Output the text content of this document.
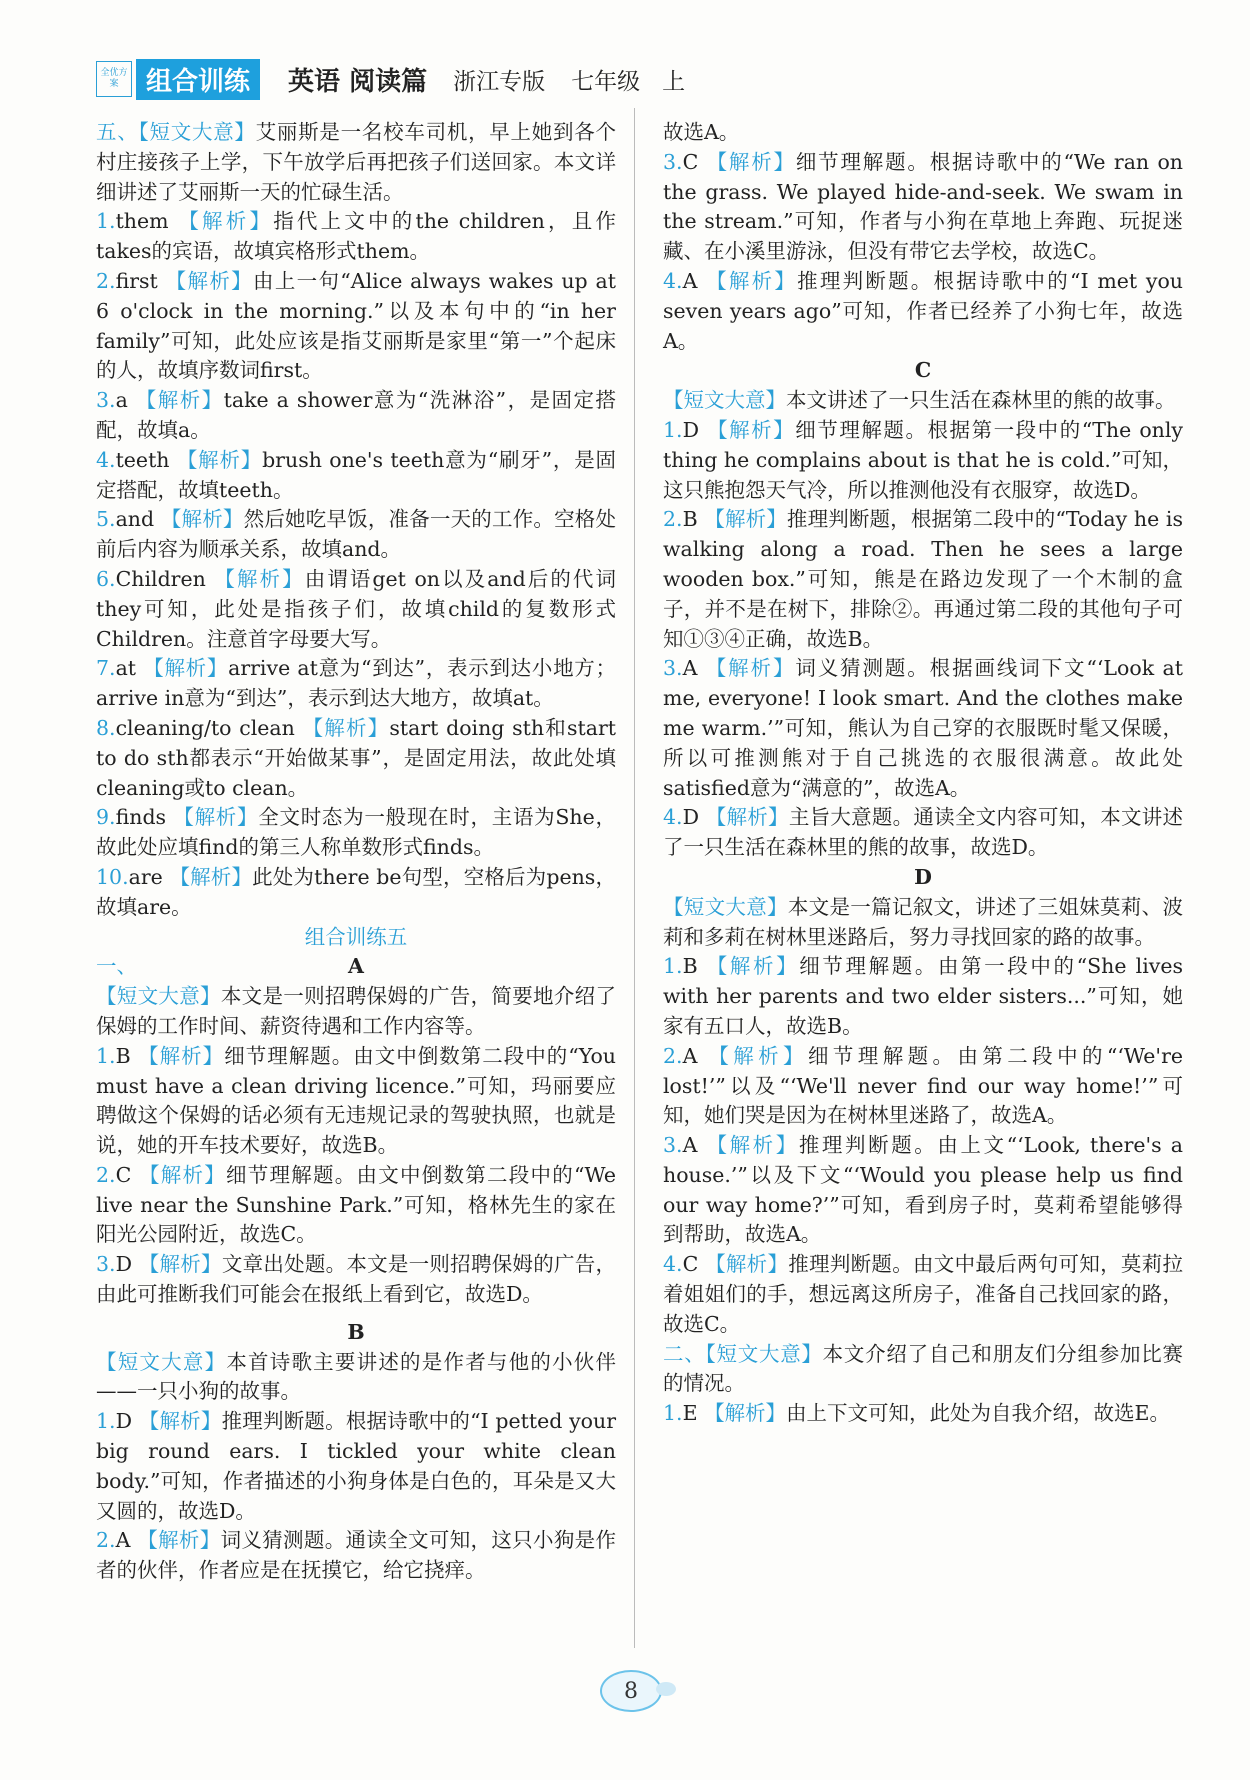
全优方案	组合训练	英语 阅读篇 浙江专版 七年级 上

五、【短文大意】艾丽斯是一名校车司机，早上她到各个村庄接孩子上学，下午放学后再把孩子们送回家。本文详细讲述了艾丽斯一天的忙碌生活。

1.them 【解析】指代上文中的the children，且作takes的宾语，故填宾格形式them。

2.first 【解析】由上一句“Alice always wakes up at 6 o'clock in the morning.”以及本句中的“in her family”可知，此处应该是指艾丽斯是家里“第一”个起床的人，故填序数词first。

3.a 【解析】take a shower意为“洗淋浴”，是固定搭配，故填a。

4.teeth 【解析】brush one's teeth意为“刷牙”，是固定搭配，故填teeth。

5.and 【解析】然后她吃早饭，准备一天的工作。空格处前后内容为顺承关系，故填and。

6.Children 【解析】由谓语get on以及and后的代词they可知，此处是指孩子们，故填child的复数形式Children。注意首字母要大写。

7.at 【解析】arrive at意为“到达”，表示到达小地方；arrive in意为“到达”，表示到达大地方，故填at。

8.cleaning/to clean 【解析】start doing sth和start to do sth都表示“开始做某事”，是固定用法，故此处填cleaning或to clean。

9.finds 【解析】全文时态为一般现在时，主语为She，故此处应填find的第三人称单数形式finds。

10.are 【解析】此处为there be句型，空格后为pens，故填are。

组合训练五

一、	A

【短文大意】本文是一则招聘保姆的广告，简要地介绍了保姆的工作时间、薪资待遇和工作内容等。

1.B 【解析】细节理解题。由文中倒数第二段中的“You must have a clean driving licence.”可知，玛丽要应聘做这个保姆的话必须有无违规记录的驾驶执照，也就是说，她的开车技术要好，故选B。

2.C 【解析】细节理解题。由文中倒数第二段中的“We live near the Sunshine Park.”可知，格林先生的家在阳光公园附近，故选C。

3.D 【解析】文章出处题。本文是一则招聘保姆的广告，由此可推断我们可能会在报纸上看到它，故选D。

B

【短文大意】本首诗歌主要讲述的是作者与他的小伙伴——一只小狗的故事。

1.D 【解析】推理判断题。根据诗歌中的“I petted your big round ears. I tickled your white clean body.”可知，作者描述的小狗身体是白色的，耳朵是又大又圆的，故选D。

2.A 【解析】词义猜测题。通读全文可知，这只小狗是作者的伙伴，作者应是在抚摸它，给它挠痒。

故选A。

3.C 【解析】细节理解题。根据诗歌中的“We ran on the grass. We played hide-and-seek. We swam in the stream.”可知，作者与小狗在草地上奔跑、玩捉迷藏、在小溪里游泳，但没有带它去学校，故选C。

4.A 【解析】推理判断题。根据诗歌中的“I met you seven years ago”可知，作者已经养了小狗七年，故选A。

C

【短文大意】本文讲述了一只生活在森林里的熊的故事。

1.D 【解析】细节理解题。根据第一段中的“The only thing he complains about is that he is cold.”可知，这只熊抱怨天气冷，所以推测他没有衣服穿，故选D。

2.B 【解析】推理判断题，根据第二段中的“Today he is walking along a road. Then he sees a large wooden box.”可知，熊是在路边发现了一个木制的盒子，并不是在树下，排除②。再通过第二段的其他句子可知①③④正确，故选B。

3.A 【解析】词义猜测题。根据画线词下文“‘Look at me, everyone! I look smart. And the clothes make me warm.’”可知，熊认为自己穿的衣服既时髦又保暖，所以可推测熊对于自己挑选的衣服很满意。故此处satisfied意为“满意的”，故选A。

4.D 【解析】主旨大意题。通读全文内容可知，本文讲述了一只生活在森林里的熊的故事，故选D。

D

【短文大意】本文是一篇记叙文，讲述了三姐妹莫莉、波莉和多莉在树林里迷路后，努力寻找回家的路的故事。

1.B 【解析】细节理解题。由第一段中的“She lives with her parents and two elder sisters...”可知，她家有五口人，故选B。

2.A 【解析】细节理解题。由第二段中的“‘We're lost!’”以及“‘We'll never find our way home!’”可知，她们哭是因为在树林里迷路了，故选A。

3.A 【解析】推理判断题。由上文“‘Look, there's a house.’”以及下文“‘Would you please help us find our way home?’”可知，看到房子时，莫莉希望能够得到帮助，故选A。

4.C 【解析】推理判断题。由文中最后两句可知，莫莉拉着姐姐们的手，想远离这所房子，准备自己找回家的路，故选C。

二、【短文大意】本文介绍了自己和朋友们分组参加比赛的情况。

1.E 【解析】由上下文可知，此处为自我介绍，故选E。

8
